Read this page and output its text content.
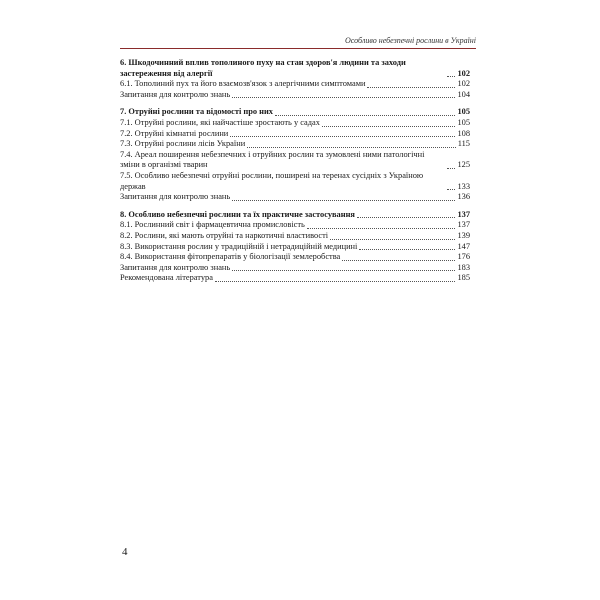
Особливо небезпечні рослини в Україні
6. Шкодочинний вплив тополиного пуху на стан здоров'я людини та заходи застереження від алергії	102
6.1. Тополиний пух та його взаємозв'язок з алергічними симптомами	102
Запитання для контролю знань	104
7. Отруйні рослини та відомості про них	105
7.1. Отруйні рослини, які найчастіше зростають у садах	105
7.2. Отруйні кімнатні рослини	108
7.3. Отруйні рослини лісів України	115
7.4. Ареал поширення небезпечних і отруйних рослин та зумовлені ними патологічні зміни в організмі тварин	125
7.5. Особливо небезпечні отруйні рослини, поширені на теренах сусідніх з Україною держав	133
Запитання для контролю знань	136
8. Особливо небезпечні рослини та їх практичне застосування	137
8.1. Рослинний світ і фармацевтична промисловість	137
8.2. Рослини, які мають отруйні та наркотичні властивості	139
8.3. Використання рослин у традиційній і нетрадиційній медицині	147
8.4. Використання фітопрепаратів у біологізації землеробства	176
Запитання для контролю знань	183
Рекомендована література	185
4
